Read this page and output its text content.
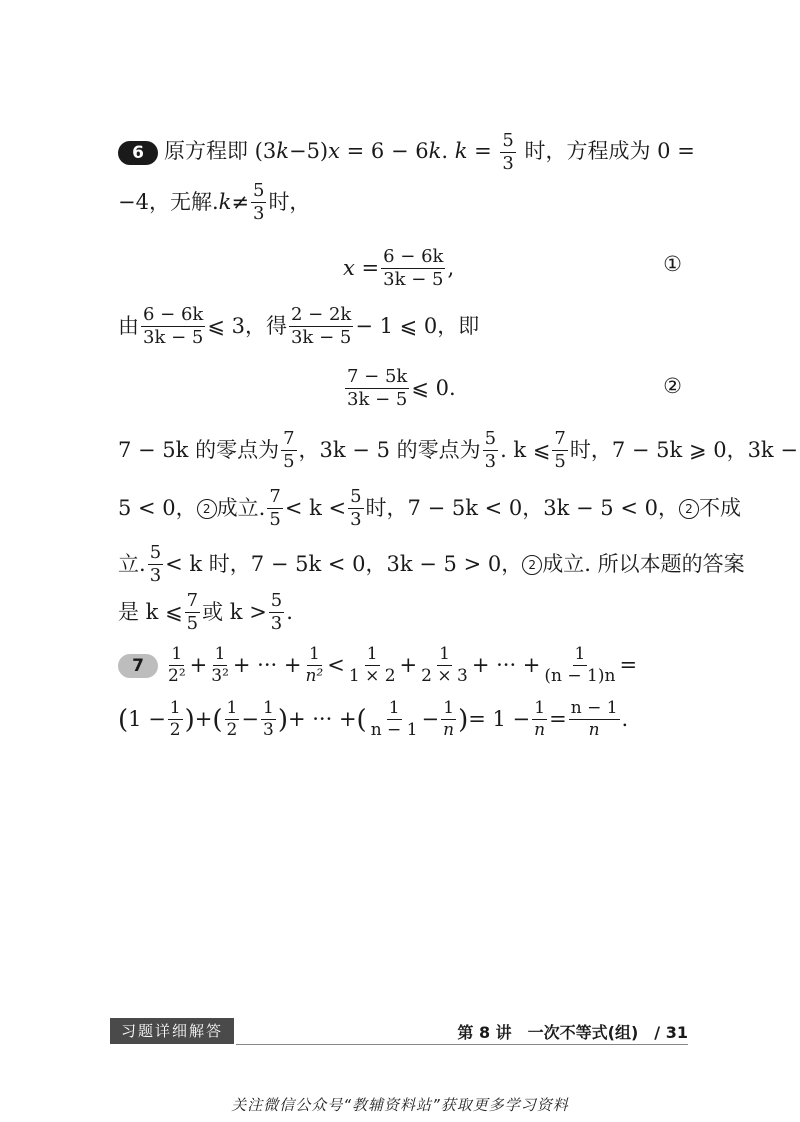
6 原方程即 (3k−5)x = 6 − 6k. $k = \frac{5}{3}$ 时，方程成为 0 =
−4，无解. $k \ne \frac{5}{3}$ 时，
$x = \frac{6 - 6k}{3k - 5}$ ,	①
由 $\frac{6 - 6k}{3k - 5}$ ⩽ 3，得 $\frac{2 - 2k}{3k - 5} - 1$ ⩽ 0，即
$\frac{7 - 5k}{3k - 5}$ ⩽ 0.	②
7 − 5k 的零点为 $\frac{7}{5}$ ，3k − 5 的零点为 $\frac{5}{3}$ . k ⩽ $\frac{7}{5}$ 时，7 − 5k ⩾ 0，3k −
5 < 0， 2 成立. $\frac{7}{5} < k < \frac{5}{3}$ 时，7 − 5k < 0，3k − 5 < 0， 2 不成
立. $\frac{5}{3} < k$ 时，7 − 5k < 0，3k − 5 > 0， 2 成立. 所以本题的答案
是 k ⩽ $\frac{7}{5}$ 或 $k > \frac{5}{3}$ .
7	$\frac{1}{\text{2²}} + \frac{1}{\text{3²}}$ + ··· + $\frac{1}{\text{n²}} < \frac{1}{1 \times 2} + \frac{1}{2 \times 3}$ + ··· + $\frac{1}{(n - 1)n}$ =
( $1 - \frac{1}{2}$ ) + ( $\frac{1}{2} - \frac{1}{3}$ ) + ··· + ( $\frac{1}{n - 1} - \frac{1}{n}$ ) = $1 - \frac{1}{n} = \frac{n - 1}{n}$ .
习题详细解答	第 8 讲　一次不等式(组)　/ 31
关注微信公众号“教辅资料站”获取更多学习资料
